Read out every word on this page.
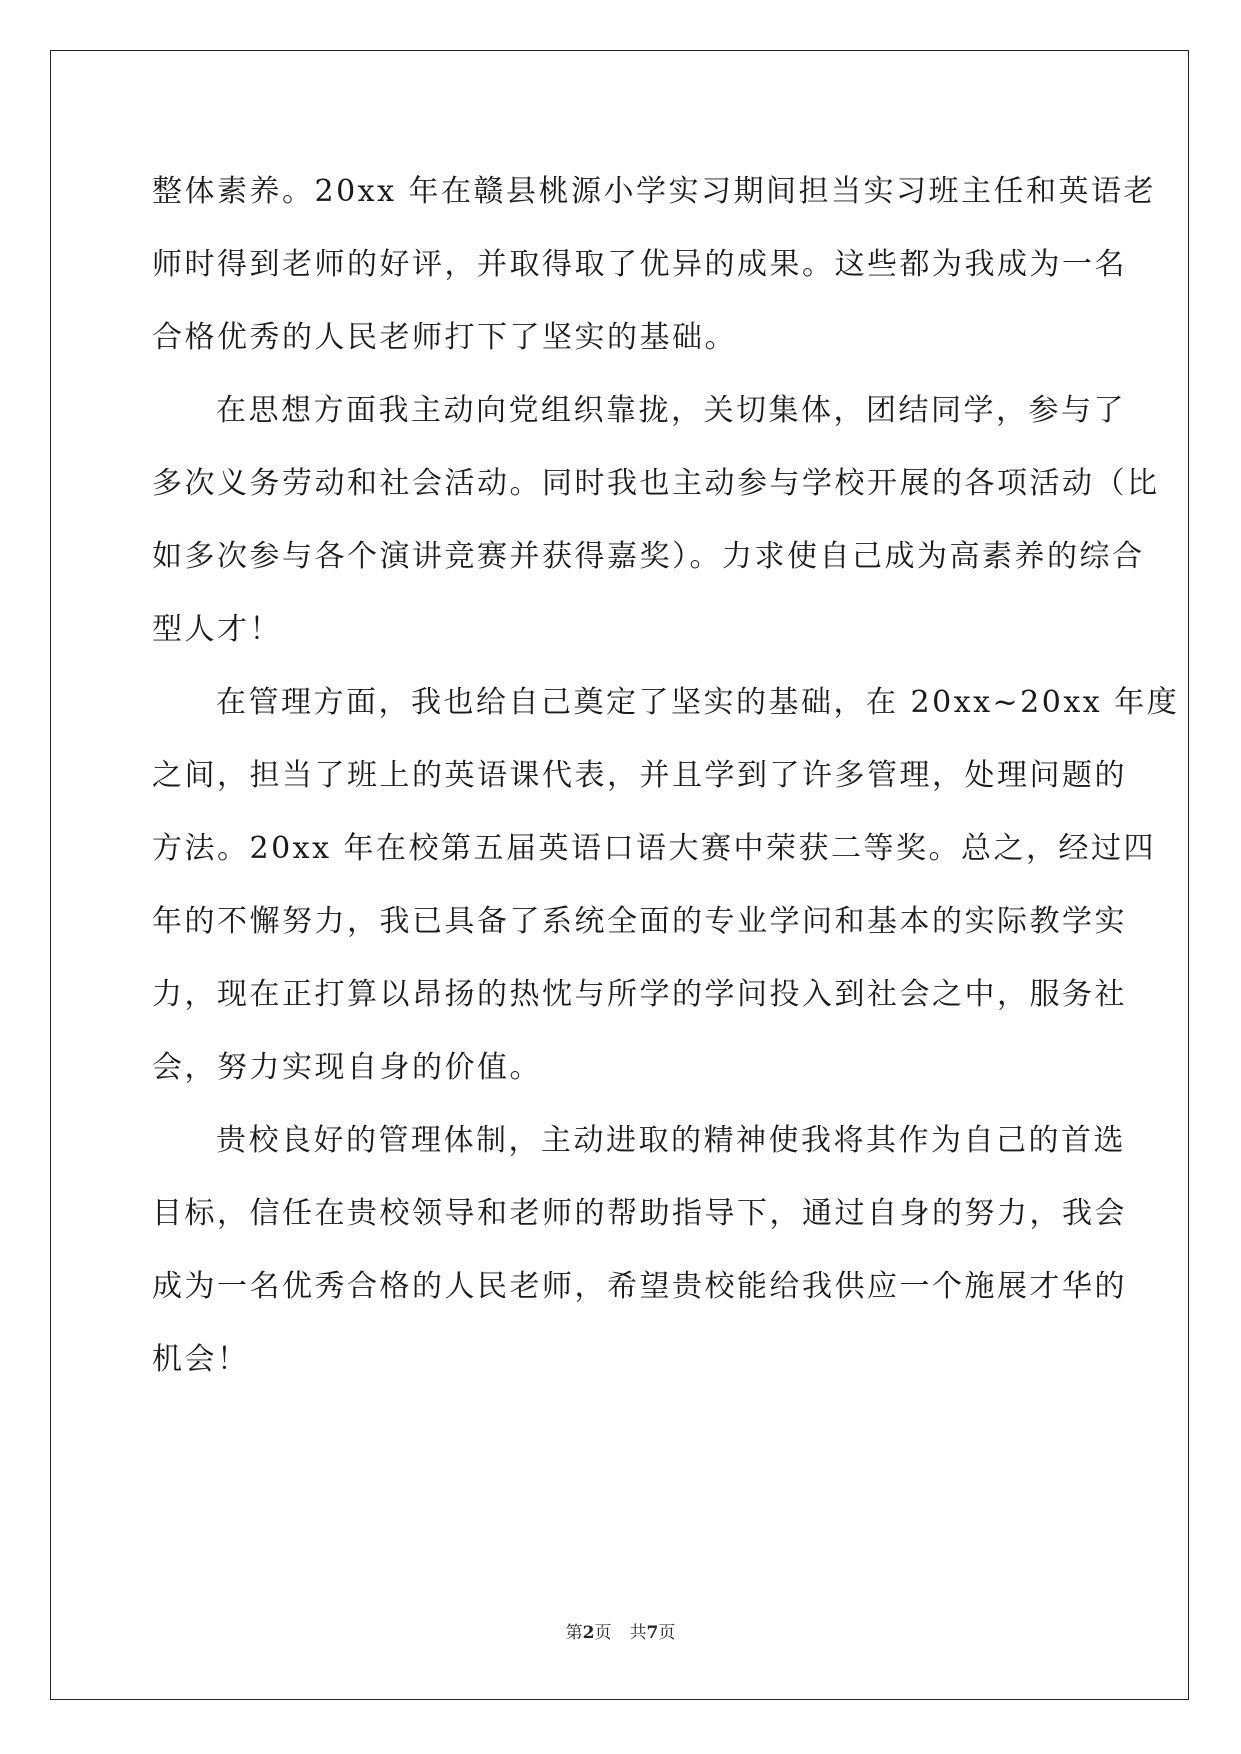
整体素养。20xx 年在赣县桃源小学实习期间担当实习班主任和英语老
师时得到老师的好评，并取得取了优异的成果。这些都为我成为一名
合格优秀的人民老师打下了坚实的基础。
在思想方面我主动向党组织靠拢，关切集体，团结同学，参与了
多次义务劳动和社会活动。同时我也主动参与学校开展的各项活动（比
如多次参与各个演讲竞赛并获得嘉奖）。力求使自己成为高素养的综合
型人才！
在管理方面，我也给自己奠定了坚实的基础，在 20xx~20xx 年度
之间，担当了班上的英语课代表，并且学到了许多管理，处理问题的
方法。20xx 年在校第五届英语口语大赛中荣获二等奖。总之，经过四
年的不懈努力，我已具备了系统全面的专业学问和基本的实际教学实
力，现在正打算以昂扬的热忱与所学的学问投入到社会之中，服务社
会，努力实现自身的价值。
贵校良好的管理体制，主动进取的精神使我将其作为自己的首选
目标，信任在贵校领导和老师的帮助指导下，通过自身的努力，我会
成为一名优秀合格的人民老师，希望贵校能给我供应一个施展才华的
机会！
第2页 共7页
